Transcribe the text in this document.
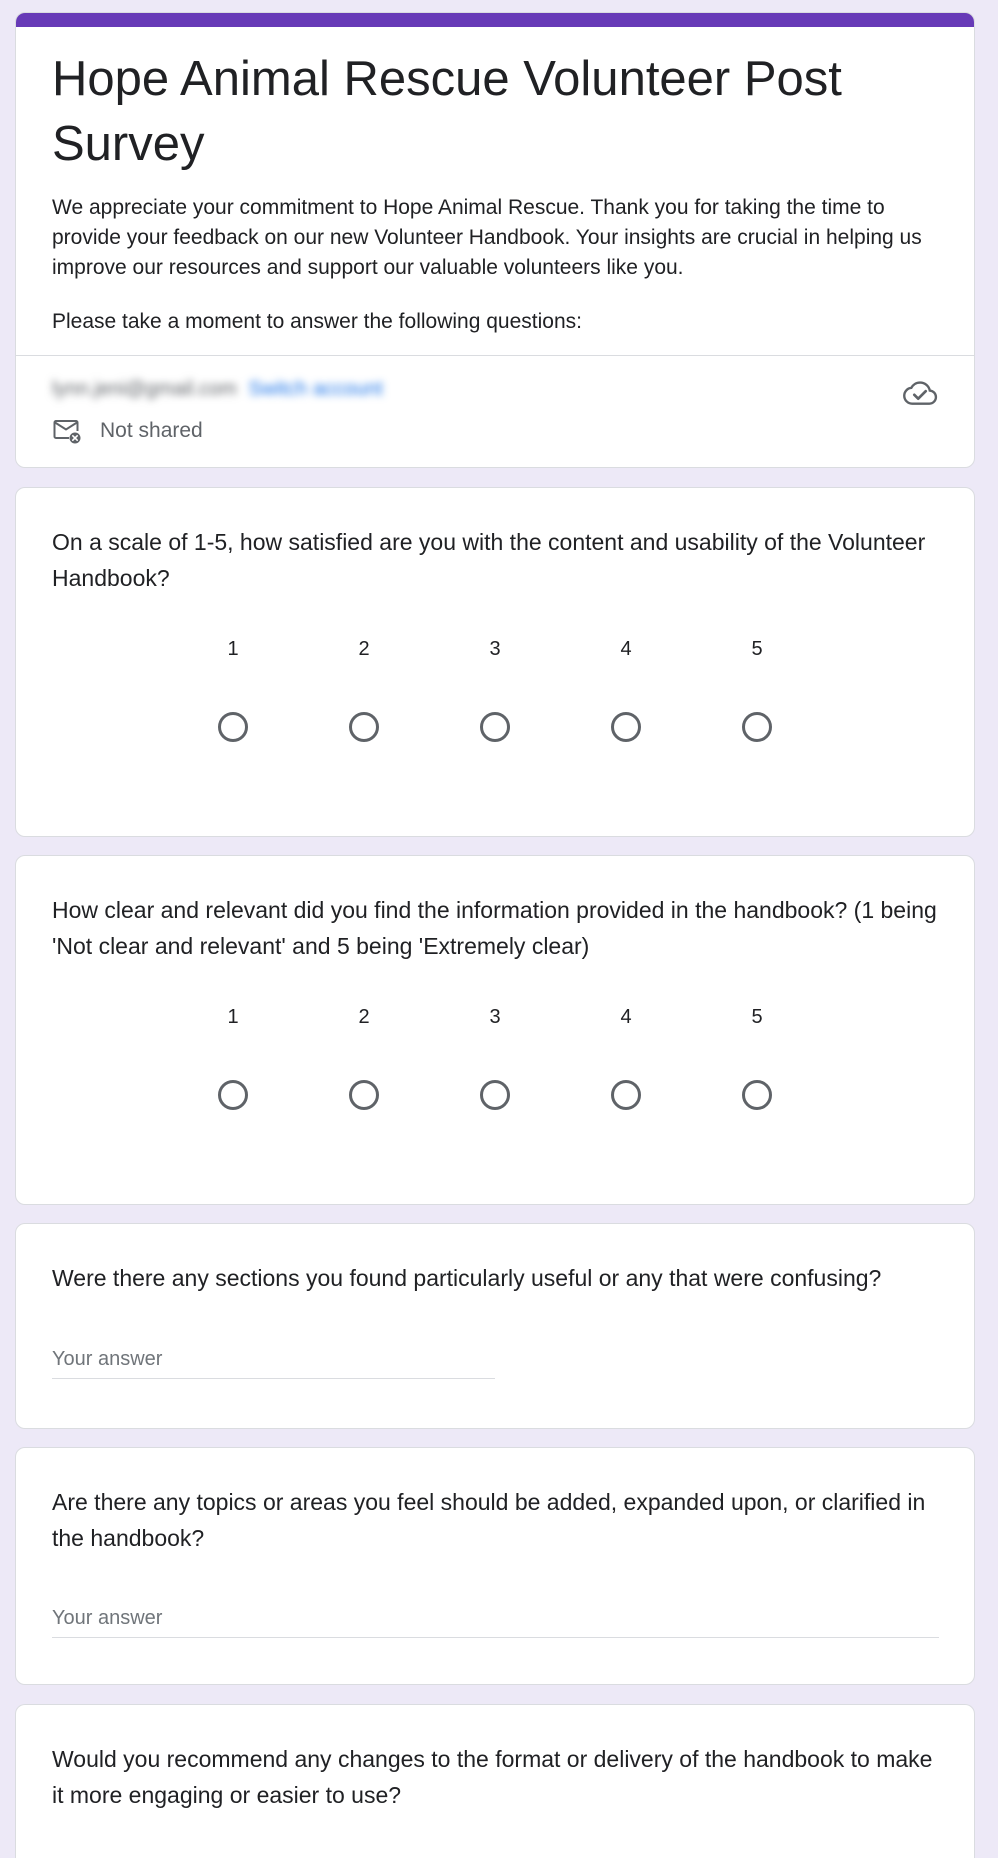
Hope Animal Rescue Volunteer Post Survey

We appreciate your commitment to Hope Animal Rescue. Thank you for taking the time to provide your feedback on our new Volunteer Handbook. Your insights are crucial in helping us improve our resources and support our valuable volunteers like you.

Please take a moment to answer the following questions:

lynn.jeni@gmail.com Switch account
Not shared
On a scale of 1-5, how satisfied are you with the content and usability of the Volunteer Handbook?
1	2	3	4	5
How clear and relevant did you find the information provided in the handbook? (1 being 'Not clear and relevant' and 5 being 'Extremely clear)
1	2	3	4	5
Were there any sections you found particularly useful or any that were confusing?
Your answer
Are there any topics or areas you feel should be added, expanded upon, or clarified in the handbook?
Your answer
Would you recommend any changes to the format or delivery of the handbook to make it more engaging or easier to use?
